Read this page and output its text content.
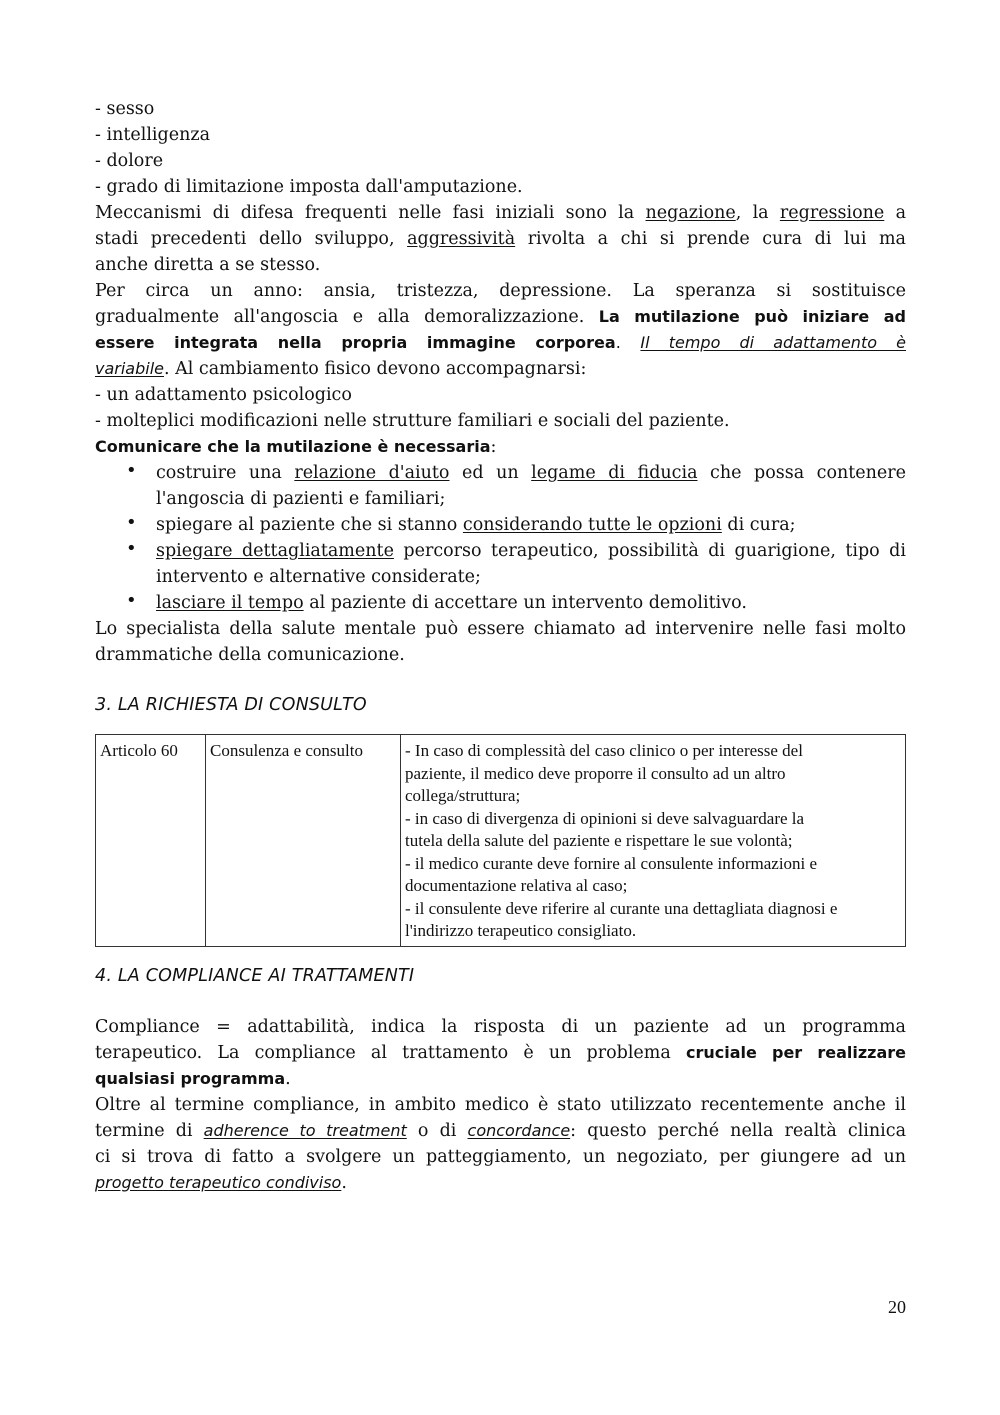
- sesso
- intelligenza
- dolore
- grado di limitazione imposta dall'amputazione.
Meccanismi di difesa frequenti nelle fasi iniziali sono la negazione, la regressione a
stadi precedenti dello sviluppo, aggressività rivolta a chi si prende cura di lui ma
anche diretta a se stesso.
Per circa un anno: ansia, tristezza, depressione. La speranza si sostituisce
gradualmente all'angoscia e alla demoralizzazione. La mutilazione può iniziare ad
essere integrata nella propria immagine corporea. Il tempo di adattamento è
variabile. Al cambiamento fisico devono accompagnarsi:
- un adattamento psicologico
- molteplici modificazioni nelle strutture familiari e sociali del paziente.
Comunicare che la mutilazione è necessaria:
• costruire una relazione d'aiuto ed un legame di fiducia che possa contenere
l'angoscia di pazienti e familiari;
• spiegare al paziente che si stanno considerando tutte le opzioni di cura;
• spiegare dettagliatamente percorso terapeutico, possibilità di guarigione, tipo di
intervento e alternative considerate;
• lasciare il tempo al paziente di accettare un intervento demolitivo.
Lo specialista della salute mentale può essere chiamato ad intervenire nelle fasi molto
drammatiche della comunicazione.
3. LA RICHIESTA DI CONSULTO
Articolo 60	Consulenza e consulto	- In caso di complessità del caso clinico o per interesse del
paziente, il medico deve proporre il consulto ad un altro
collega/struttura;
- in caso di divergenza di opinioni si deve salvaguardare la
tutela della salute del paziente e rispettare le sue volontà;
- il medico curante deve fornire al consulente informazioni e
documentazione relativa al caso;
- il consulente deve riferire al curante una dettagliata diagnosi e
l'indirizzo terapeutico consigliato.
4. LA COMPLIANCE AI TRATTAMENTI
Compliance = adattabilità, indica la risposta di un paziente ad un programma
terapeutico. La compliance al trattamento è un problema cruciale per realizzare
qualsiasi programma.
Oltre al termine compliance, in ambito medico è stato utilizzato recentemente anche il
termine di adherence to treatment o di concordance: questo perché nella realtà clinica
ci si trova di fatto a svolgere un patteggiamento, un negoziato, per giungere ad un
progetto terapeutico condiviso.
20
